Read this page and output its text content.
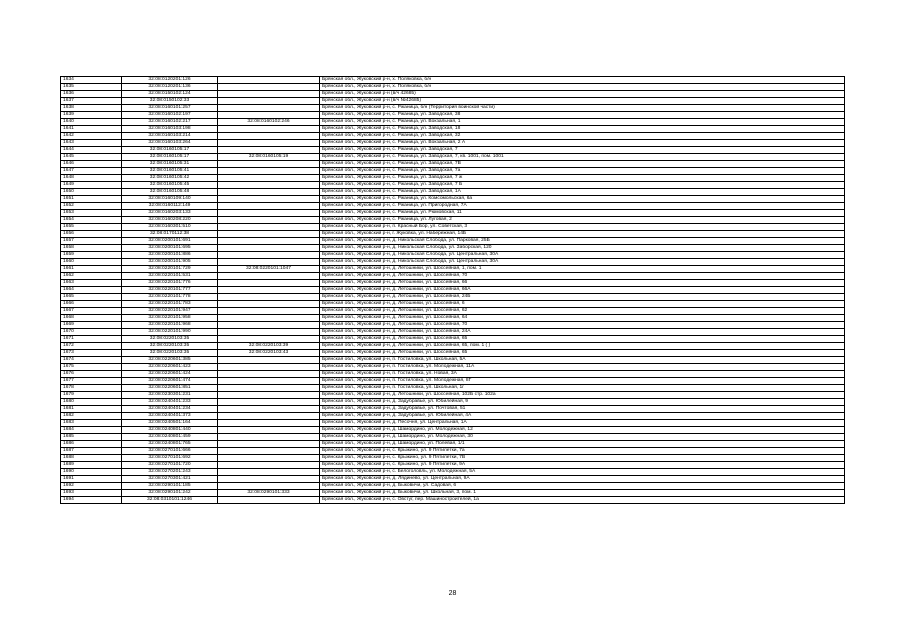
1634	32:08:0120201:126		Брянская обл., Жуковский р-н, х. Поляковка, б/н
1635	32:08:0120201:136		Брянская обл., Жуковский р-н, х. Поляковка, б/н
1636	32:08:0150102:124		Брянская обл., Жуковский р-н (в/ч 42685)
1637	32:08:0150102:33		Брянская обл., Жуковский р-н (в/ч №42685)
1638	32:08:0160101:257		Брянская обл., Жуковский р-н, с. Ржаница, б/н (Территория воинской части)
1639	32:08:0160102:197		Брянская обл., Жуковский р-н, с. Ржаница, ул. Заводская, 38
1640	32:08:0160102:217	32:08:0160102:246	Брянская обл., Жуковский р-н, с. Ржаница, ул. Вокзальная, 1
1641	32:08:0160103:198		Брянская обл., Жуковский р-н, с. Ржаница, ул. Заводская, 18
1642	32:08:0160103:214		Брянская обл., Жуковский р-н, с. Ржаница, ул. Заводская, 32
1643	32:08:0160103:264		Брянская обл., Жуковский р-н, с. Ржаница, ул. Вокзальная, 2 А
1644	32:08:0160105:17		Брянская обл., Жуковский р-н, с. Ржаница, ул. Заводская, 7
1645	32:08:0160105:17	32:08:0160105:19	Брянская обл., Жуковский р-н, с. Ржаница, ул. Заводская, 7, кв. 1001, пом. 1001
1646	32:08:0160105:31		Брянская обл., Жуковский р-н, с. Ржаница, ул. Заводская, 7В
1647	32:08:0160105:41		Брянская обл., Жуковский р-н, с. Ржаница, ул. Заводская, 7а
1648	32:08:0160105:42		Брянская обл., Жуковский р-н, с. Ржаница, ул. Заводская, 7 ж
1649	32:08:0160105:45		Брянская обл., Жуковский р-н, с. Ржаница, ул. Заводская, 7 Б
1650	32:08:0160105:48		Брянская обл., Жуковский р-н, с. Ржаница, ул. Заводская, 1А
1651	32:08:0160109:140		Брянская обл., Жуковский р-н, с. Ржаница, ул. Комсомольская, 6а
1652	32:08:0160112:149		Брянская обл., Жуковский р-н, с. Ржаница, ул. Пригородная, 7А
1653	32:08:0160203:133		Брянская обл., Жуковский р-н, с. Ржаница, ул. Рюмовская, 11
1654	32:08:0160208:220		Брянская обл., Жуковский р-н, с. Ржаница, ул. Луговая, 2
1655	32:08:0160301:510		Брянская обл., Жуковский р-н, п. Красный Бор, ул. Советская, 3
1656	32:08:0170112:38		Брянская обл., Жуковский р-н, г. Жуковка, ул. Набережная, 14Б
1657	32:08:0200101:691		Брянская обл., Жуковский р-н, д. Никольская Слобода, ул. Парковая, 25Б
1658	32:08:0200101:695		Брянская обл., Жуковский р-н, д. Никольская Слобода, ул. Заборская, 120
1659	32:08:0200101:886		Брянская обл., Жуковский р-н, д. Никольская Слобода, ул. Центральная, 30А
1660	32:08:0200101:905		Брянская обл., Жуковский р-н, д. Никольская Слобода, ул. Центральная, 30А
1661	32:08:0220101:729	32:08:0220101:1047	Брянская обл., Жуковский р-н, д. Летошники, ул. Шоссейная, 1, пом. 1
1662	32:08:0220101:531		Брянская обл., Жуковский р-н, д. Летошники, ул. Шоссейная, 70
1663	32:08:0220101:776		Брянская обл., Жуковский р-н, д. Летошники, ул. Шоссейная, 66
1664	32:08:0220101:777		Брянская обл., Жуковский р-н, д. Летошники, ул. Шоссейная, 66А
1665	32:08:0220101:778		Брянская обл., Жуковский р-н, д. Летошники, ул. Шоссейная, 24Б
1666	32:08:0220101:783		Брянская обл., Жуковский р-н, д. Летошники, ул. Шоссейная, 6
1667	32:08:0220101:947		Брянская обл., Жуковский р-н, д. Летошники, ул. Шоссейная, 62
1668	32:08:0220101:958		Брянская обл., Жуковский р-н, д. Летошники, ул. Шоссейная, 64
1669	32:08:0220101:968		Брянская обл., Жуковский р-н, д. Летошники, ул. Шоссейная, 70
1670	32:08:0220101:990		Брянская обл., Жуковский р-н, д. Летошники, ул. Шоссейная, 24А
1671	32:08:0220103:35		Брянская обл., Жуковский р-н, д. Летошники, ул. Шоссейная, 65
1672	32:08:0220103:35	32:08:0220103:39	Брянская обл., Жуковский р-н, д. Летошники, ул. Шоссейная, 65, пом. 1 ( )
1673	32:08:0220103:35	32:08:0220103:43	Брянская обл., Жуковский р-н, д. Летошники, ул. Шоссейная, 65
1674	32:08:0220601:385		Брянская обл., Жуковский р-н, п. Гостиловка, ул. Школьная, 5А
1675	32:08:0220601:423		Брянская обл., Жуковский р-н, п. Гостиловка, ул. Молодежная, 11А
1676	32:08:0220601:424		Брянская обл., Жуковский р-н, п. Гостиловка, ул. Новая, 3А
1677	32:08:0220601:474		Брянская обл., Жуковский р-н, п. Гостиловка, ул. Молодежная, 8Г
1678	32:08:0220601:851		Брянская обл., Жуковский р-н, п. Гостиловка, ул. Школьная, 1г
1679	32:08:0230301:231		Брянская обл., Жуковский р-н, д. Летошники, ул. Шоссейная, 102Б стр. 102а
1680	32:08:0240401:233		Брянская обл., Жуковский р-н, д. Задубравье, ул. Юбилейная, 9
1681	32:08:0240401:234		Брянская обл., Жуковский р-н, д. Задубравье, ул. Почтовая, 51
1682	32:08:0240401:373		Брянская обл., Жуковский р-н, д. Задубравье, ул. Юбилейная, 4А
1683	32:08:0240501:164		Брянская обл., Жуковский р-н, д. Песочня, ул. Центральная, 1А
1684	32:08:0240801:440		Брянская обл., Жуковский р-н, д. Шамордино, ул. Молодежная, 12
1685	32:08:0240801:459		Брянская обл., Жуковский р-н, д. Шамордино, ул. Молодежная, 30
1686	32:08:0240801:765		Брянская обл., Жуковский р-н, д. Шамордино, ул. Полевая, 1/1
1687	32:08:0270101:666		Брянская обл., Жуковский р-н, с. Крыжино, ул. 9 Пятилетки, 7а
1688	32:08:0270101:692		Брянская обл., Жуковский р-н, с. Крыжино, ул. 9 Пятилетки, 7В
1689	32:08:0270101:720		Брянская обл., Жуковский р-н, с. Крыжино, ул. 9 Пятилетки, 9А
1690	32:08:0270201:243		Брянская обл., Жуковский р-н, с. Белоголовль, ул. Молодежная, 5А
1691	32:08:0270301:421		Брянская обл., Жуковский р-н, д. Лядинево, ул. Центральная, 9А
1692	32:08:0290101:185		Брянская обл., Жуковский р-н, д. Быковичи, ул. Садовая, 6
1693	32:08:0290101:242	32:08:0290101:333	Брянская обл., Жуковский р-н, д. Быковичи, ул. Школьная, 3, пом. 1
1694	32:08:0310101:1246		Брянская обл., Жуковский р-н, с. Овстуг, пер. Машиностроителей, 1а
28
